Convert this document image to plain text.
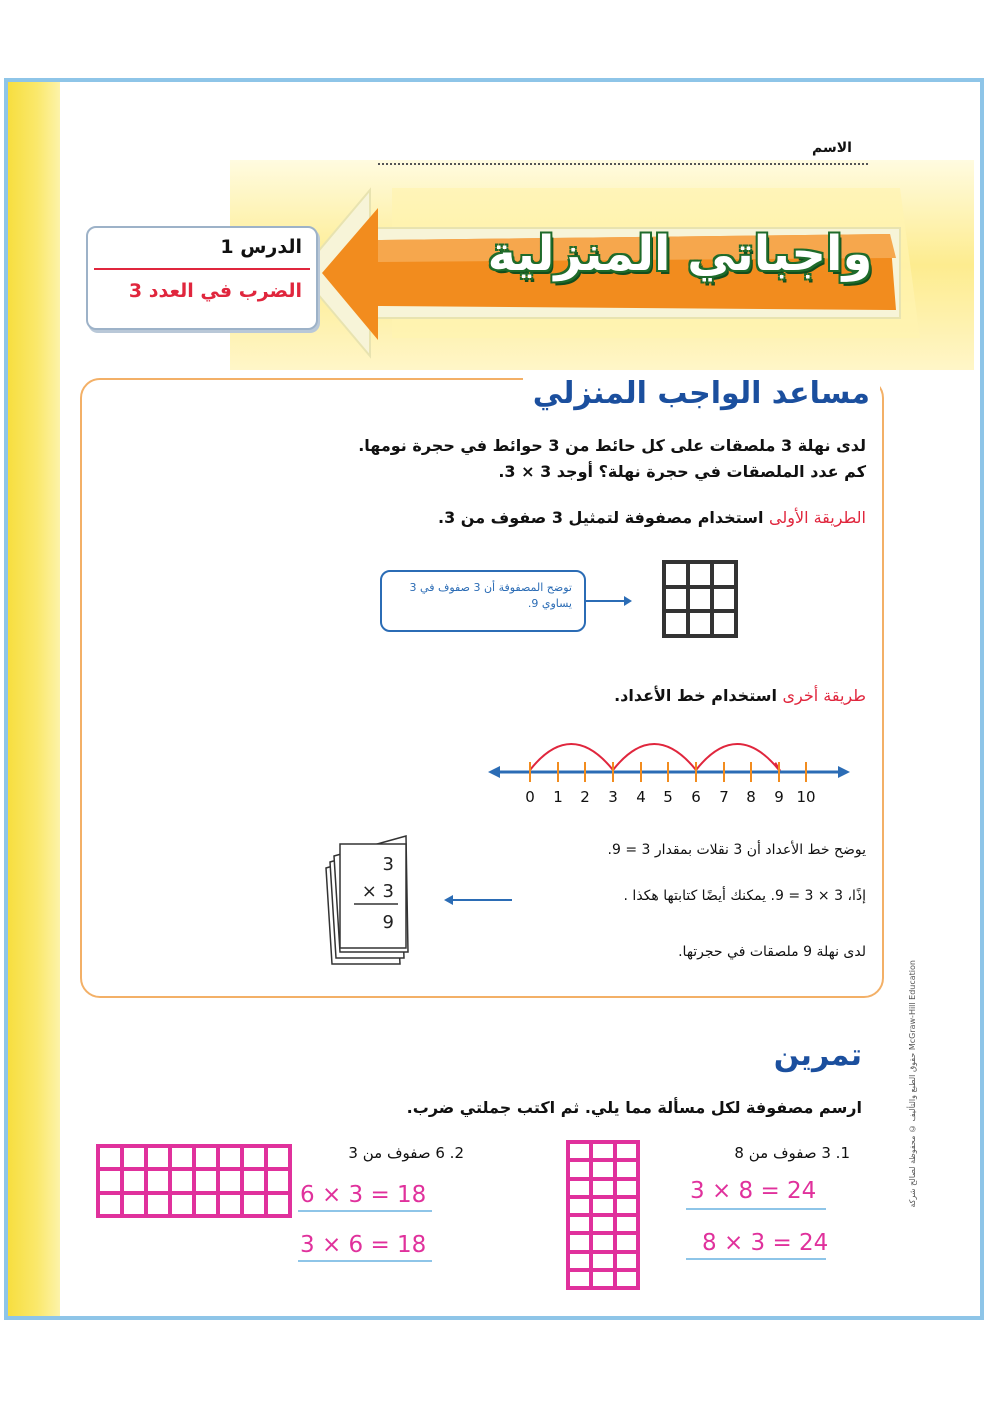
واجباتي المنزلية
الاسم
الدرس 1
الضرب في العدد 3
مساعد الواجب المنزلي
لدى نهلة 3 ملصقات على كل حائط من 3 حوائط في حجرة نومها.
كم عدد الملصقات في حجرة نهلة؟ أوجد 3 × 3.
الطريقة الأولى استخدام مصفوفة لتمثيل 3 صفوف من 3.
توضح المصفوفة أن 3 صفوف في 3 يساوي 9.
طريقة أخرى استخدام خط الأعداد.
0 1 2 3 4 5 6 7 8 9 10
3
× 3
9
يوضح خط الأعداد أن 3 نقلات بمقدار 3 = 9.
إذًا، 3 × 3 = 9. يمكنك أيضًا كتابتها هكذا .
لدى نهلة 9 ملصقات في حجرتها.
تمرين
ارسم مصفوفة لكل مسألة مما يلي. ثم اكتب جملتي ضرب.
1. 3 صفوف من 8
3 × 8 = 24
8 × 3 = 24
2. 6 صفوف من 3
6 × 3 = 18
3 × 6 = 18
حقوق الطبع والتأليف © محفوظة لصالح شركة McGraw-Hill Education
